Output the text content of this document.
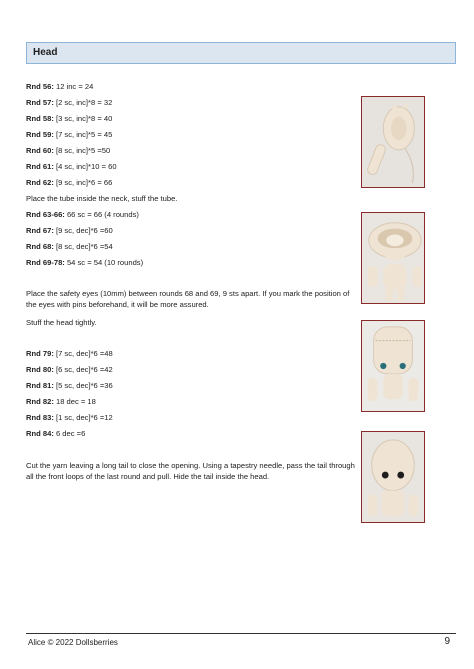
Head
Rnd 56: 12 inc = 24
Rnd 57: [2 sc, inc]*8 = 32
Rnd 58: [3 sc, inc]*8 = 40
Rnd 59: [7 sc, inc]*5 = 45
Rnd 60: [8 sc, inc]*5 =50
Rnd 61: [4 sc, inc]*10 = 60
Rnd 62: [9 sc, inc]*6 = 66
Place the tube inside the neck, stuff the tube.
Rnd 63-66: 66 sc = 66 (4 rounds)
Rnd 67: [9 sc, dec]*6 =60
Rnd 68: [8 sc, dec]*6 =54
Rnd 69-78: 54 sc = 54 (10 rounds)
Place the safety eyes (10mm) between rounds 68 and 69, 9 sts apart. If you mark the position of the eyes with pins beforehand, it will be more assured.
Stuff the head tightly.
Rnd 79: [7 sc, dec]*6 =48
Rnd 80: [6 sc, dec]*6 =42
Rnd 81: [5 sc, dec]*6 =36
Rnd 82: 18 dec = 18
Rnd 83: [1 sc, dec]*6 =12
Rnd 84: 6 dec =6
Cut the yarn leaving a long tail to close the opening. Using a tapestry needle, pass the tail through all the front loops of the last round and pull. Hide the tail inside the head.
Alice © 2022 Dollsberries	9
